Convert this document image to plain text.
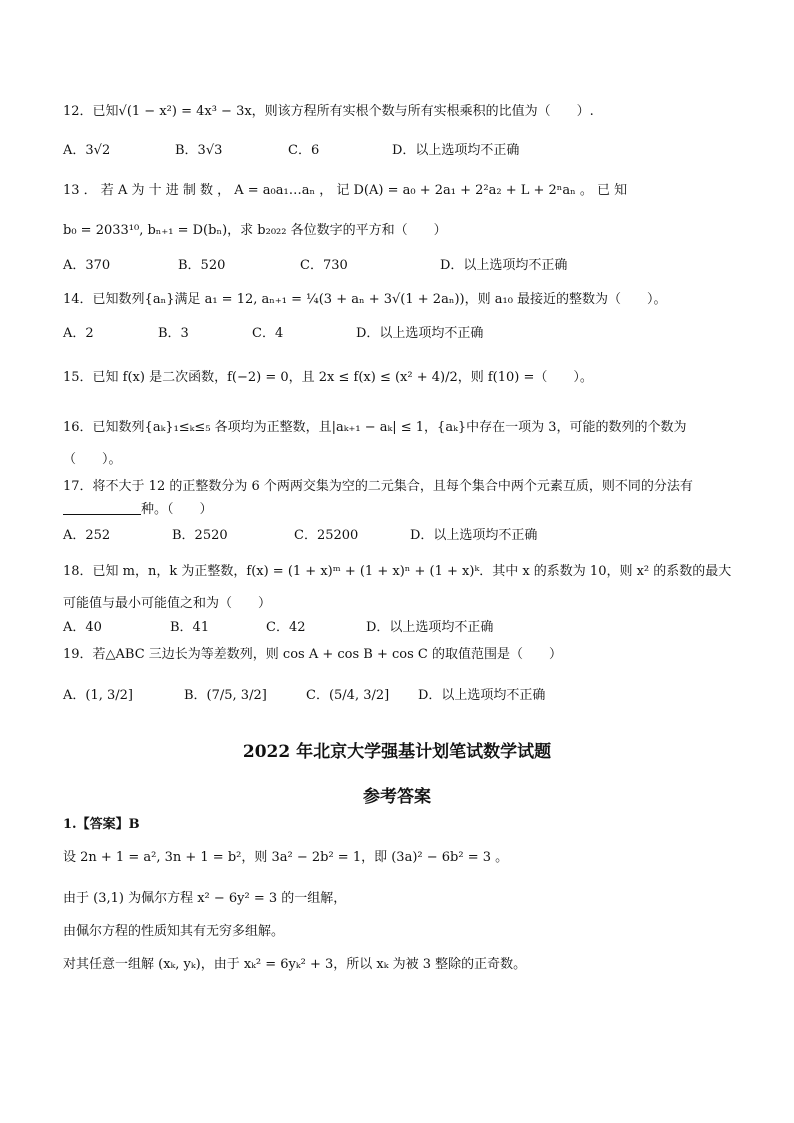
12．已知√(1 − x²) = 4x³ − 3x，则该方程所有实根个数与所有实根乘积的比值为（　　）.
A．3√2	B．3√3	C．6	D．以上选项均不正确
13 ． 若 A 为 十 进 制 数 ， A = a₀a₁…aₙ ， 记 D(A) = a₀ + 2a₁ + 2²a₂ + L + 2ⁿaₙ 。 已 知
b₀ = 2033¹⁰, bₙ₊₁ = D(bₙ)，求 b₂₀₂₂ 各位数字的平方和（　　）
A．370	B．520	C．730	D．以上选项均不正确
14．已知数列{aₙ}满足 a₁ = 12, aₙ₊₁ = ¼(3 + aₙ + 3√(1 + 2aₙ))，则 a₁₀ 最接近的整数为（　　）。
A．2	B．3	C．4	D．以上选项均不正确
15．已知 f(x) 是二次函数，f(−2) = 0，且 2x ≤ f(x) ≤ (x² + 4)/2，则 f(10) =（　　）。
16．已知数列{aₖ}₁≤ₖ≤₅ 各项均为正整数，且|aₖ₊₁ − aₖ| ≤ 1，{aₖ}中存在一项为 3，可能的数列的个数为
（　　）。
17．将不大于 12 的正整数分为 6 个两两交集为空的二元集合，且每个集合中两个元素互质，则不同的分法有
种。（　　）
A．252	B．2520	C．25200	D．以上选项均不正确
18．已知 m，n，k 为正整数，f(x) = (1 + x)ᵐ + (1 + x)ⁿ + (1 + x)ᵏ．其中 x 的系数为 10，则 x² 的系数的最大
可能值与最小可能值之和为（　　）
A．40	B．41	C．42	D．以上选项均不正确
19．若△ABC 三边长为等差数列，则 cos A + cos B + cos C 的取值范围是（　　）
A．(1, 3/2]	B．(7/5, 3/2]	C．(5/4, 3/2] D．以上选项均不正确
2022 年北京大学强基计划笔试数学试题
参考答案
1.【答案】B
设 2n + 1 = a², 3n + 1 = b²，则 3a² − 2b² = 1，即 (3a)² − 6b² = 3 。
由于 (3,1) 为佩尔方程 x² − 6y² = 3 的一组解，
由佩尔方程的性质知其有无穷多组解。
对其任意一组解 (xₖ, yₖ)，由于 xₖ² = 6yₖ² + 3，所以 xₖ 为被 3 整除的正奇数。
